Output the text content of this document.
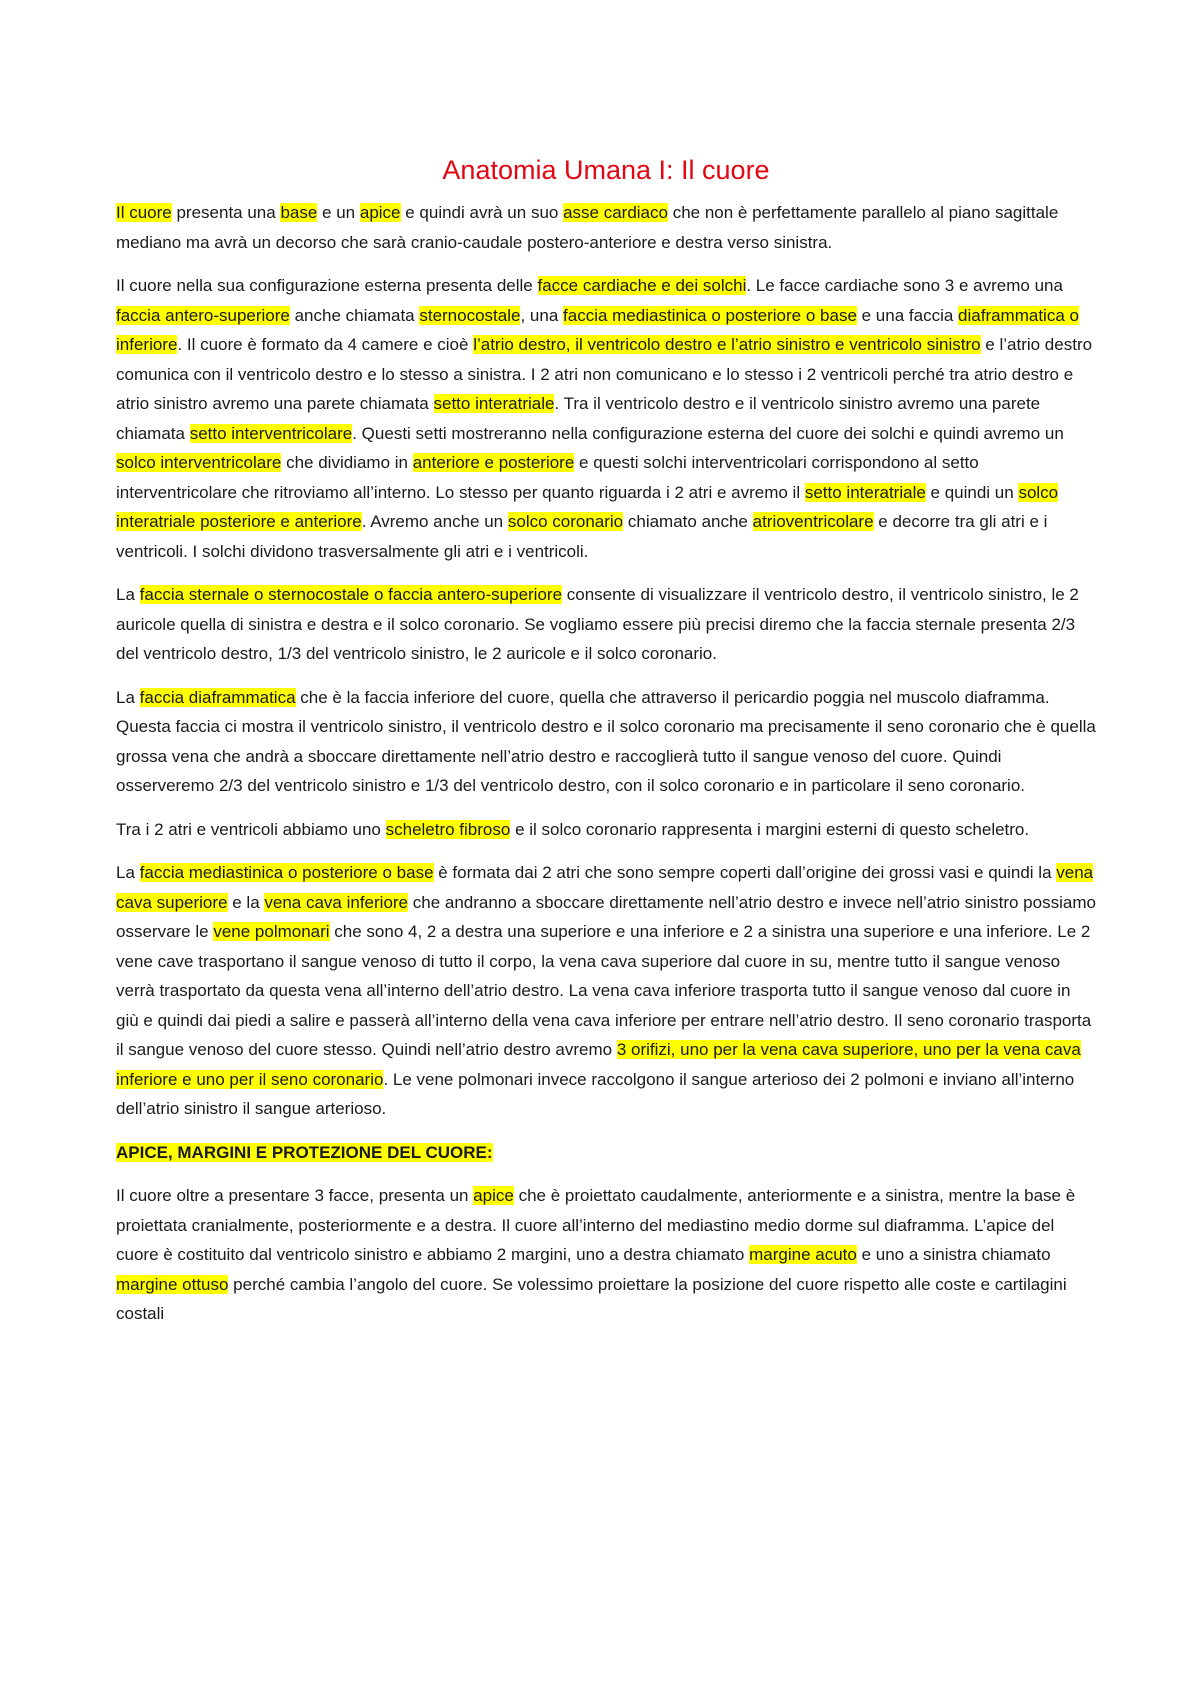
Anatomia Umana I: Il cuore

Il cuore presenta una base e un apice e quindi avrà un suo asse cardiaco che non è perfettamente parallelo al piano sagittale mediano ma avrà un decorso che sarà cranio-caudale postero-anteriore e destra verso sinistra.

Il cuore nella sua configurazione esterna presenta delle facce cardiache e dei solchi. Le facce cardiache sono 3 e avremo una faccia antero-superiore anche chiamata sternocostale, una faccia mediastinica o posteriore o base e una faccia diaframmatica o inferiore. Il cuore è formato da 4 camere e cioè l’atrio destro, il ventricolo destro e l’atrio sinistro e ventricolo sinistro e l’atrio destro comunica con il ventricolo destro e lo stesso a sinistra. I 2 atri non comunicano e lo stesso i 2 ventricoli perché tra atrio destro e atrio sinistro avremo una parete chiamata setto interatriale. Tra il ventricolo destro e il ventricolo sinistro avremo una parete chiamata setto interventricolare. Questi setti mostreranno nella configurazione esterna del cuore dei solchi e quindi avremo un solco interventricolare che dividiamo in anteriore e posteriore e questi solchi interventricolari corrispondono al setto interventricolare che ritroviamo all’interno. Lo stesso per quanto riguarda i 2 atri e avremo il setto interatriale e quindi un solco interatriale posteriore e anteriore. Avremo anche un solco coronario chiamato anche atrioventricolare e decorre tra gli atri e i ventricoli. I solchi dividono trasversalmente gli atri e i ventricoli.

La faccia sternale o sternocostale o faccia antero-superiore consente di visualizzare il ventricolo destro, il ventricolo sinistro, le 2 auricole quella di sinistra e destra e il solco coronario. Se vogliamo essere più precisi diremo che la faccia sternale presenta 2/3 del ventricolo destro, 1/3 del ventricolo sinistro, le 2 auricole e il solco coronario.

La faccia diaframmatica che è la faccia inferiore del cuore, quella che attraverso il pericardio poggia nel muscolo diaframma. Questa faccia ci mostra il ventricolo sinistro, il ventricolo destro e il solco coronario ma precisamente il seno coronario che è quella grossa vena che andrà a sboccare direttamente nell’atrio destro e raccoglierà tutto il sangue venoso del cuore. Quindi osserveremo 2/3 del ventricolo sinistro e 1/3 del ventricolo destro, con il solco coronario e in particolare il seno coronario.

Tra i 2 atri e ventricoli abbiamo uno scheletro fibroso e il solco coronario rappresenta i margini esterni di questo scheletro.

La faccia mediastinica o posteriore o base è formata dai 2 atri che sono sempre coperti dall’origine dei grossi vasi e quindi la vena cava superiore e la vena cava inferiore che andranno a sboccare direttamente nell’atrio destro e invece nell’atrio sinistro possiamo osservare le vene polmonari che sono 4, 2 a destra una superiore e una inferiore e 2 a sinistra una superiore e una inferiore. Le 2 vene cave trasportano il sangue venoso di tutto il corpo, la vena cava superiore dal cuore in su, mentre tutto il sangue venoso verrà trasportato da questa vena all’interno dell’atrio destro. La vena cava inferiore trasporta tutto il sangue venoso dal cuore in giù e quindi dai piedi a salire e passerà all’interno della vena cava inferiore per entrare nell’atrio destro. Il seno coronario trasporta il sangue venoso del cuore stesso. Quindi nell’atrio destro avremo 3 orifizi, uno per la vena cava superiore, uno per la vena cava inferiore e uno per il seno coronario. Le vene polmonari invece raccolgono il sangue arterioso dei 2 polmoni e inviano all’interno dell’atrio sinistro il sangue arterioso.

APICE, MARGINI E PROTEZIONE DEL CUORE:

Il cuore oltre a presentare 3 facce, presenta un apice che è proiettato caudalmente, anteriormente e a sinistra, mentre la base è proiettata cranialmente, posteriormente e a destra. Il cuore all’interno del mediastino medio dorme sul diaframma. L’apice del cuore è costituito dal ventricolo sinistro e abbiamo 2 margini, uno a destra chiamato margine acuto e uno a sinistra chiamato margine ottuso perché cambia l’angolo del cuore. Se volessimo proiettare la posizione del cuore rispetto alle coste e cartilagini costali
